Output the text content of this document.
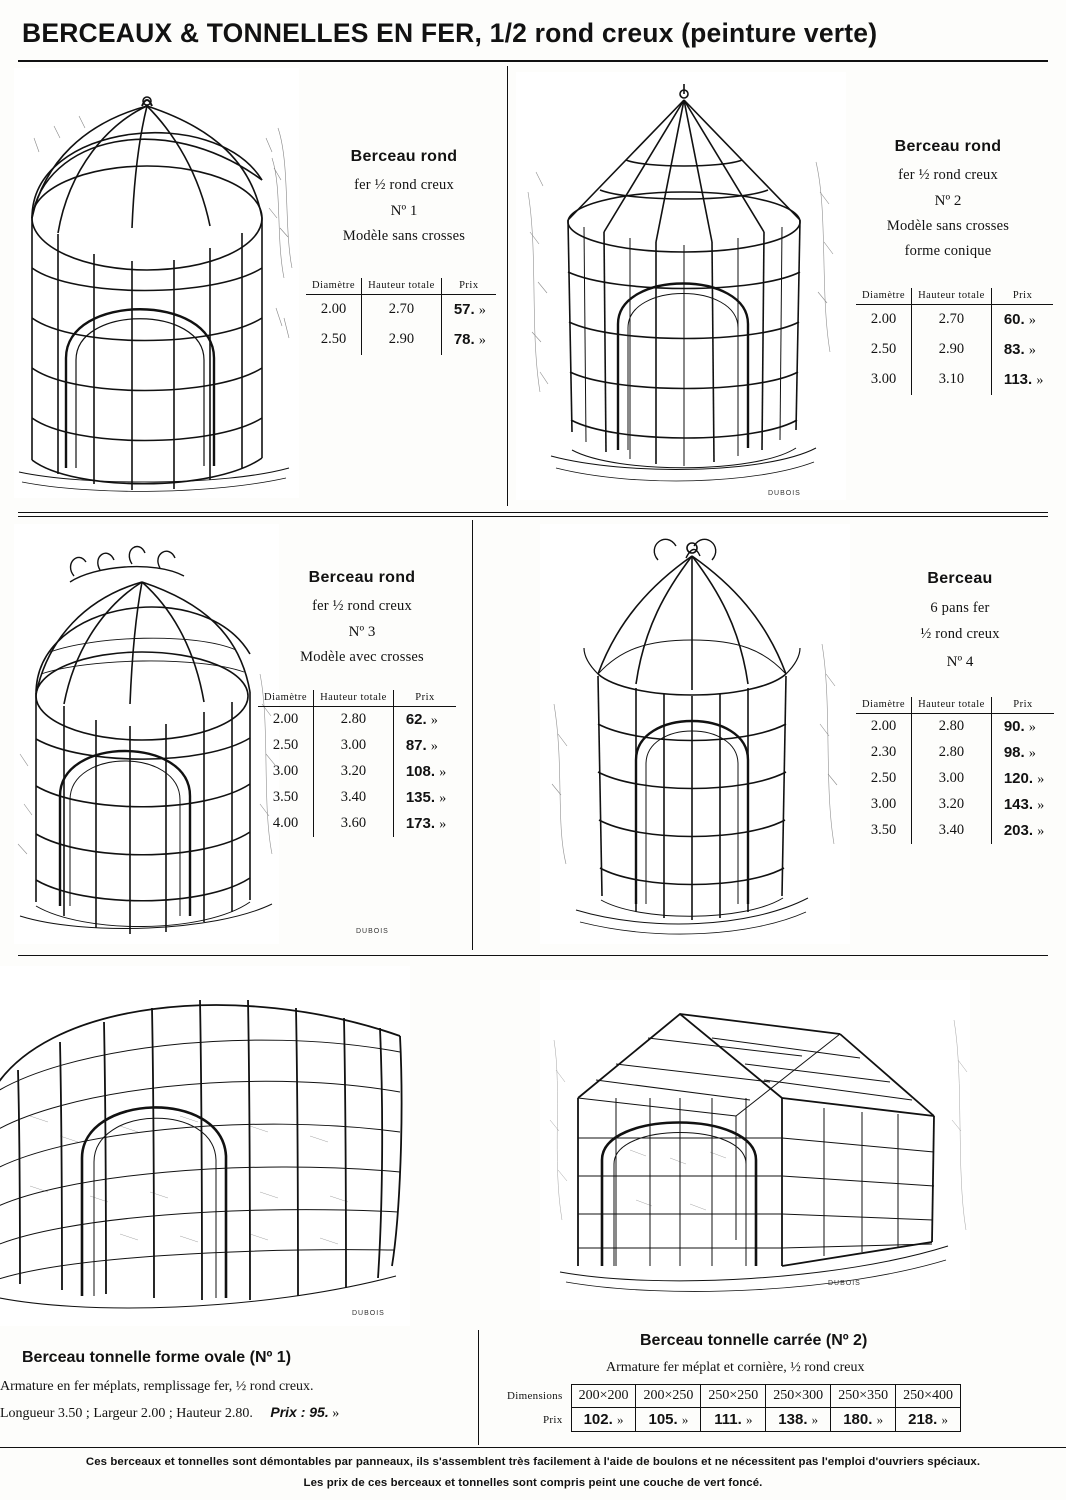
BERCEAUX & TONNELLES EN FER, 1/2 rond creux (peinture verte)
Berceau rond
fer ½ rond creux
Nº 1
Modèle sans crosses
Diamètre	Hauteur totale	Prix
2.00	2.70	57. »
2.50	2.90	78. »
DUBOIS
Berceau rond
fer ½ rond creux
Nº 2
Modèle sans crosses
forme conique
Diamètre	Hauteur totale	Prix
2.00	2.70	60. »
2.50	2.90	83. »
3.00	3.10	113. »
DUBOIS
Berceau rond
fer ½ rond creux
Nº 3
Modèle avec crosses
Diamètre	Hauteur totale	Prix
2.00	2.80	62. »
2.50	3.00	87. »
3.00	3.20	108. »
3.50	3.40	135. »
4.00	3.60	173. »
Berceau
6 pans fer
½ rond creux
Nº 4
Diamètre	Hauteur totale	Prix
2.00	2.80	90. »
2.30	2.80	98. »
2.50	3.00	120. »
3.00	3.20	143. »
3.50	3.40	203. »
DUBOIS
Berceau tonnelle forme ovale (Nº 1)
Armature en fer méplats, remplissage fer, ½ rond creux.
Longueur 3.50 ; Largeur 2.00 ; Hauteur 2.80. Prix : 95. »
DUBOIS
Berceau tonnelle carrée (Nº 2)
Armature fer méplat et cornière, ½ rond creux
Dimensions	200×200	200×250	250×250	250×300	250×350	250×400
Prix	102. »	105. »	111. »	138. »	180. »	218. »
Ces berceaux et tonnelles sont démontables par panneaux, ils s'assemblent très facilement à l'aide de boulons et ne nécessitent pas l'emploi d'ouvriers spéciaux.
Les prix de ces berceaux et tonnelles sont compris peint une couche de vert foncé.
